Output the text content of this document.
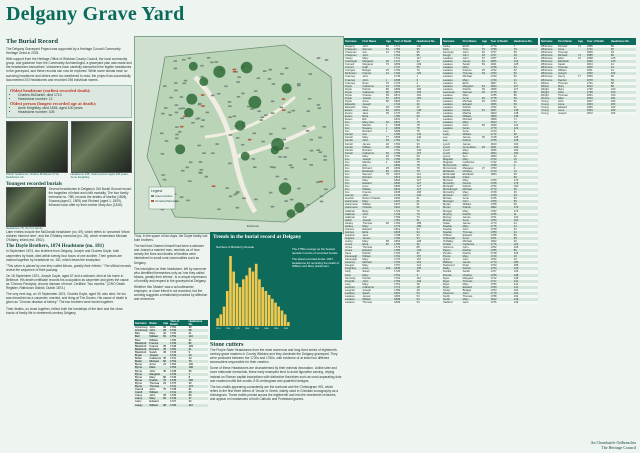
Delgany Grave Yard
The Burial Record

The Delgany Graveyard Project was supported by a Heritage Council Community Heritage Grant in 2025.

With support from the Heritage Office of Wicklow County Council, the local community group, and guidance from the Community Archaeologist, a graveyard plan was made and the headstones transcribed. Volunteers have carefully transcribed the legible headstones in the graveyard, and these records can now be explored. While some burials have no surviving headstone and others were too weathered to read, the project has successfully documented 203 headstones and recorded 298 individual names.

Oldest headstone (earliest recorded death):
• Charles McDaniel, died 1713
• Headstone number: 12
Oldest person (longest recorded age at death):
• Anne Keightley, died 1845, aged 100 years
• Headstone number: 105
Oldest headstone: Charles McDaniel 1713, Headstone 12.
Headstone 105, oldest person aged 100 years, Anne Keightley.
Youngest recorded burials
Headstone 78, the Fox family.

Several headstones in Delgany's Old Burial Ground record the tragedies of infant and child mortality. The four family memorial no. 78B, records the deaths of Martha (1808), Susana (aged 2, 1809) and Richard (aged 1, 1809), followed soon after by their mother Mary Ann (1816).

Later entries include the McDonald headstone (no. 69), which refers to 'unnamed 'infant children interred here', and the O'Malley memorial (no. 26), which remembers Michael O'Malley, infant (est. 1962).

The Doyle Brothers, 1874 Headstone (no. 181)

In September 1874, two brothers from Delgany, Joseph and Charles Doyle, both carpenters by trade, died within twenty-four hours of one another. Their graves are marked together by headstone no. 181, which bears the inscription:

"This stone is placed by one they called Moses, greatly their inferior." The official records reveal the sequence of their passing.

On 18 September 1874, Joseph Doyle, aged 67 and a widower, died at his home in Bellevue. His death certificate records his occupation as carpenter and gives the cause as "Chronic Paralysis, chronic disease of heart. Certified. Two months." (GRO Death Register, Rathdown District, Dublin 1874.)

The very next day, on 19 September 1874, Charles Doyle, aged 59, also died. He too was described as a carpenter, married, and living at The Downs. His cause of death is given as "Chronic disease of kidney." The two brothers were buried together.

Their deaths, so close together, reflect both the hardships of the time and the close bonds of family life in nineteenth-century Delgany.

Legend
Grave Numbers
Unmarked Memorials
Entrance

Thus, in the space of two days, the Doyle family lost both brothers.

The fact that Charles himself had been a widower and Joseph a married man, reminds us of how closely the lives and deaths of families were intertwined in small rural communities such as Delgany.

The inscription on their headstone, left by someone who identified themselves only as 'one they called Moses, greatly their inferior', is a unique expression of humility and respect in the graveyard at Delgany.

Whether this 'Master' was a schoolteacher, employer, or close friend is not recorded, but the wording suggests a relationship marked by affection and reverence.

Surname	Name	Age	Year of Death	Headstone No.
Armstrong	John	68	1750	98
Armstrong	John	28	1736	38
Barr	Mary	42	1730	41
Bell	William	81	1752	110
Best	William		1790	31
Blackford	Francis		1736	82
Blackford	Francis	35	1748	183
Blackford	Richard	78	1781	41
Blackford	Sarah	45	1745	9
Bryan	Joseph		1744	10
Butler	Catherine	35	1731	43
Butler	Michael	50	1764	79
Byrne	Anne	21	1720	140
Byrne	Mark		1754	196
Byrne	John	45	1738	35
Byrne	Margaret		1733	7
Byrne	Mary	80	1746	8
Byrne	Patrick	70	1745	156
Byrne	Thomas	23	1775	33
Byrne	Thomas		1741	172
Carroll	John	75	1738	61
Caroll	William		1741	49
Carey	John	45	1736	89
Carey	Mary	62	1742	17
Carry	Edward		1727	34
Casey	William	28	1730	112
Stone cutters

The Purple Slate Headstones from the most numerous and long-lived series of eighteenth-century grave markers in County Wicklow and they dominate the Delgany graveyard. They were produced between the 1720s and 1780s, with evidence of at least four different stonecutters responsible for their creation.

Some of these Headstones are characterised by their minimal decoration. Unlike later and more elaborate memorials, these early examples tend to avoid figurative carving, relying instead on Roman capital inscriptions with distinctive flourishes such as word-separating dots and modest motifs like scrolls, IHS christogram and quatrefoil designs.

The two motifs appearing consistently are the sunburst and the Christogram IHS, which refers to the first three letters of 'Jesus' in Greek, widely used in Christian iconography as a christogram. These motifs persist across the eighteenth and into the nineteenth centuries, and appear on headstones of both Catholic and Protestant graves.

Trends in the burial record at Delgany
Numbers of Burials by Decade
1710	1740	1770	1800	1830	1860	1890	1920

The 1750s emerge as the busiest decade in terms of recorded burials.

The latest recorded burial: 1937, Headstone 61 recording the death of William and Mary Hackmann.

Surname	First Name	Age	Year of Death	Headstone No.
Delgany	John	80	1771	130
Chapman	Samuel	61	1756	95
Chapman	Ann	21	1756	95
Chapman	John		1762	95
Cleary	Mary		1731	117
Colclough	Margaret	18	1737	32
Connell	Margaret	70	1809	109
Connor	Cath		1747	55
Corrigan	Bridget	25	1769	79
Dickinson	Francis	21	1792	126
Cranney	John		1745	1
Cranney	John	1	1838	6
Cranney	Rose	79	1776	3
Doyle	Catherine	44	1763	44
Doyle	Patrick	86	1809	166
Doyle	Catherine	68	1815	166
Doyle	Charles	59	1874	181
Doyle	Joseph	67	1874	181
Doyle	Anne	80	1826	34
Edwards	Joseph		1742	20
Edwards	Mary	36	1760	20
Evans	Jane	63	1801	148
Evans	Jane	25	1770	69
Evans	Eliza		1780	69
Evans	Eliz		1831	2
Fox	Mary Ann	40	1816	78
Fox	Martha	1	1808	78
Fox	Susana	2	1809	78
Fox	Richard	1	1809	78
Farrell	Ann		1786	144
Farrell	Mary	77	1808	146
Farrell	John	53	1752	33
Farrell	James	20	1762	33
Farrell	William	30	1780	83
Farrell	Richard		1751	143
Farrell	Catherine	63	1783	167
Fox	Mary	26	1758	69
Fox	Joseph	70	1760	69
Fox	Martha	1	1808	78
Fox	Ann		1806	78
Fox	Richard	25	1809	78
Fox	Elizabeth	82	1812	78
Fox	Samuel	75	1816	114
Fox	Richard		1816	114
Fox	Mary		1818	127
Fox	Edward		1830	127
Fox	Anne		1835	127
Fox	William		1841	127
Fox	Francis		1838	168
Garvey	John		1746	104
Gordon	Robert Charles		1902	61
Hackmann	Mary		1937	61
Hackmann	William		1937	61
Hackmann	Charles		1910	61
Halloran	Betty		1723	70
Halloran	John		1743	70
Halloran	Ann		1783	70
Hatch	Joseph		1781	51
Hickey	Thomas	60	1760	189
Hickey	Mary		1779	189
Holmes	Edward		1812	94
Holmes	Eliza		1818	94
Hopkins	Jane		1798	94
Hughes	James		1781	94
Hurley	Mary	68	1804	108
Jones	Eliza	87	1755	36
Jones	Thomas		1779	88
Jones	Edward		1785	133
Kane	Patrick		1763	90
Kavanagh	William		1764	157
Kavanagh	Mary		1770	157
Kearney	Michael		1764	161
Keegan	Mary		1767	121
Keightley	Anne	100	1845	105
Kelly	Sarah		1735	98
Kelly	Mary		1751	3
Kennedy	Patrick		1764	112
Kinsella	John		1769	132
Lacy	Mary		1751	18
Lambert	Catherine		1772	18
Langrell	Joseph		1789	48
Lawless	Sarah		1801	54
Lawless	James		1806	54
Lawless	William		1808	54
Lawless	Thomas		1809	54
Surname	First Name	Age	Year of Death	Headstone No.
Kelley	Elizth	7	1779	7
Kelly	Thos	76	1798	79
Kennedy	John	45	1757	55
Keogh	John	18	1767	48
Lawless	John	57	1787	44
Lawless	James	34	1805	123
Lawless	Sarah	84	1841	128
Lawless	Mary		1768	54
Lawless	Francis	25	1792	52
Lawless	Thomas	49	1784	52
Lawless	Michael		1790	52
Lawless	Mary		1769	31
Lawless	Eliza		1807	31
Lawless	Margaret	64	1834	127
Lawless	Patrick	36	1808	127
Lawrence	Samuel	46	1779	86
Lawless	Mary		1785	86
Lawless	Anne	22	1778	50
Lawless	Michael	45	1783	50
Lawless	Edward		1806	50
Lawless	Patrick		1782	91
Lawless	Daniel	21	1847	148
Lawless	Martha		1823	148
Lawless	William		1859	148
Lawless	Richard		1808	71
Lawless	Mary		1813	71
Lawless	John	59	1849	122
Lawless	Denis		1779	122
Lacy	Anne		1743	6
Leary	William		1772	66
Lee	James	35	1748	128
Lee	Patrick		1756	128
Lynch	James		1810	190
Lynch	Anne Eliza	25	1821	190
Lynch	Mary		1836	190
Lynch	Ellen		1834	190
Lyons	Ann		1833	42
Magrath	Mary		1733	15
Magrath	Catherine		1732	15
McCormick	Ellen		1788	2
McCormick	Margaret	27	1783	2
McDaniel	Charles		1713	12
McDonald	Elizabeth		1809	69
McDonald	Infant			69
McCann	Mary		1789	179
McCarthy	Dennis		1768	179
McGrath	Patrick		1756	100
McCullough	Michael		1770	35
McCarthy	Mary		1768	35
McCann	John		1769	93
McGee	Anne		1765	93
Merrigan	John		1789	95
Moran	William		1788	95
Moran	Patrick		1802	176
Morgan	Mary		1782	176
Murphy	Patrick		1795	11
Murray	James		1761	120
Murray	Anne		1783	120
Nolan	James		1773	44
Nowlan	Mary		1775	44
Nowlan	John		1768	44
Nowlan	Thomas		1789	44
O'Brien	Edward		1788	89
O'Donnell	Anne		1761	89
O'Malley	Michael		1962	26
O'Neill	Catherine		1776	106
Osborne	John		1782	106
Payne	Rachel		1785	80
Pender	Patrick		1748	106
Pierce	Mary		1749	16
Quinn	John		1782	16
Rafferty	James		1770	185
Redmond	Peter		1763	185
Reilly	Patrick		1754	136
Ruckle	Sarah		1767	136
Rourke	Charles		1768	138
Ryan	Margaret		1742	138
Ryan	Thomas		1747	141
Ryan	Mary		1756	141
Ryan	Edward		1780	141
Scully	Bridget		1784	162
Shannon	John		1779	162
Smith	Thomas		1788	162
Smith	Mary		1812	149
Stafford	Jane		1766	149
Surname	First Name	Age	Year of Death	Headstone No.
Whitmore	Richard	74	1885	89
Whitmore	Anne		1791	89
Whitmore	Thomas		1805	93
Whitmore	Richard	74	1885	89
Whitmore	Eliza	72	1898	125
Whitmore	Elizabeth		1826	125
Whitmore	Sarah		1834	44
Whitmore	Thomas		1802	44
Whitmore	William		1811	44
Whitmore	Joseph		1830	152
Whitmore	Henry	77	1850	59
Whitmore	Rachel		1878	59
Wilson	Thomas		1791	58
Wilson	Mary		1812	58
Wright	Mary		1790	160
Wright	Alice		1799	160
Wright	Thomas		1801	160
Wynne	Ellen		1810	181
Young	John		1827	183
Young	Anne		1833	183
Young	Edward		1850	183
Young	Anne		1863	183
Young	Joseph		1872	183
An Chomhairle Oidhreachta
The Heritage Council
